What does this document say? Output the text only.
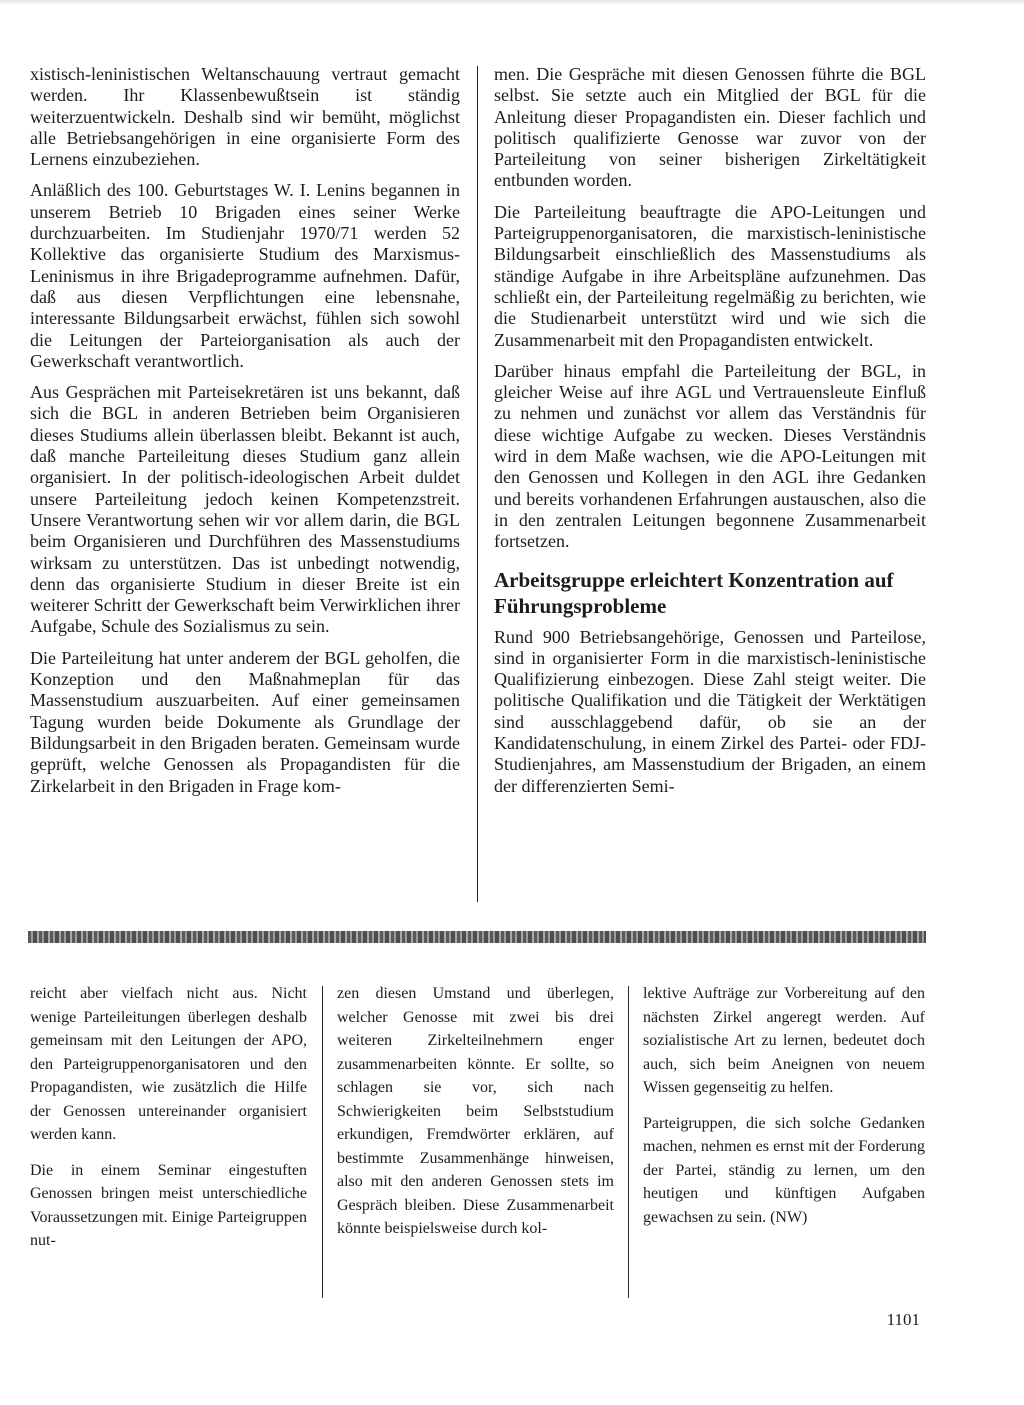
xistisch-leninistischen Weltanschauung vertraut gemacht werden. Ihr Klassenbewußtsein ist ständig weiterzuentwickeln. Deshalb sind wir bemüht, möglichst alle Betriebsangehörigen in eine organisierte Form des Lernens einzubeziehen.

Anläßlich des 100. Geburtstages W. I. Lenins begannen in unserem Betrieb 10 Brigaden eines seiner Werke durchzuarbeiten. Im Studienjahr 1970/71 werden 52 Kollektive das organisierte Studium des Marxismus-Leninismus in ihre Brigadeprogramme aufnehmen. Dafür, daß aus diesen Verpflichtungen eine lebensnahe, interessante Bildungsarbeit erwächst, fühlen sich sowohl die Leitungen der Parteiorganisation als auch der Gewerkschaft verantwortlich.

Aus Gesprächen mit Parteisekretären ist uns bekannt, daß sich die BGL in anderen Betrieben beim Organisieren dieses Studiums allein überlassen bleibt. Bekannt ist auch, daß manche Parteileitung dieses Studium ganz allein organisiert. In der politisch-ideologischen Arbeit duldet unsere Parteileitung jedoch keinen Kompetenzstreit. Unsere Verantwortung sehen wir vor allem darin, die BGL beim Organisieren und Durchführen des Massenstudiums wirksam zu unterstützen. Das ist unbedingt notwendig, denn das organisierte Studium in dieser Breite ist ein weiterer Schritt der Gewerkschaft beim Verwirklichen ihrer Aufgabe, Schule des Sozialismus zu sein.

Die Parteileitung hat unter anderem der BGL geholfen, die Konzeption und den Maßnahmeplan für das Massenstudium auszuarbeiten. Auf einer gemeinsamen Tagung wurden beide Dokumente als Grundlage der Bildungsarbeit in den Brigaden beraten. Gemeinsam wurde geprüft, welche Genossen als Propagandisten für die Zirkelarbeit in den Brigaden in Frage kom-

men. Die Gespräche mit diesen Genossen führte die BGL selbst. Sie setzte auch ein Mitglied der BGL für die Anleitung dieser Propagandisten ein. Dieser fachlich und politisch qualifizierte Genosse war zuvor von der Parteileitung von seiner bisherigen Zirkeltätigkeit entbunden worden.

Die Parteileitung beauftragte die APO-Leitungen und Parteigruppenorganisatoren, die marxistisch-leninistische Bildungsarbeit einschließlich des Massenstudiums als ständige Aufgabe in ihre Arbeitspläne aufzunehmen. Das schließt ein, der Parteileitung regelmäßig zu berichten, wie die Studienarbeit unterstützt wird und wie sich die Zusammenarbeit mit den Propagandisten entwickelt.

Darüber hinaus empfahl die Parteileitung der BGL, in gleicher Weise auf ihre AGL und Vertrauensleute Einfluß zu nehmen und zunächst vor allem das Verständnis für diese wichtige Aufgabe zu wecken. Dieses Verständnis wird in dem Maße wachsen, wie die APO-Leitungen mit den Genossen und Kollegen in den AGL ihre Gedanken und bereits vorhandenen Erfahrungen austauschen, also die in den zentralen Leitungen begonnene Zusammenarbeit fortsetzen.

Arbeitsgruppe erleichtert Konzentration auf Führungsprobleme

Rund 900 Betriebsangehörige, Genossen und Parteilose, sind in organisierter Form in die marxistisch-leninistische Qualifizierung einbezogen. Diese Zahl steigt weiter. Die politische Qualifikation und die Tätigkeit der Werktätigen sind ausschlaggebend dafür, ob sie an der Kandidatenschulung, in einem Zirkel des Partei- oder FDJ-Studienjahres, am Massenstudium der Brigaden, an einem der differenzierten Semi-

reicht aber vielfach nicht aus. Nicht wenige Parteileitungen überlegen deshalb gemeinsam mit den Leitungen der APO, den Parteigruppenorganisatoren und den Propagandisten, wie zusätzlich die Hilfe der Genossen untereinander organisiert werden kann.

Die in einem Seminar eingestuften Genossen bringen meist unterschiedliche Voraussetzungen mit. Einige Parteigruppen nut-

zen diesen Umstand und überlegen, welcher Genosse mit zwei bis drei weiteren Zirkelteilnehmern enger zusammenarbeiten könnte. Er sollte, so schlagen sie vor, sich nach Schwierigkeiten beim Selbststudium erkundigen, Fremdwörter erklären, auf bestimmte Zusammenhänge hinweisen, also mit den anderen Genossen stets im Gespräch bleiben. Diese Zusammenarbeit könnte beispielsweise durch kol-

lektive Aufträge zur Vorbereitung auf den nächsten Zirkel angeregt werden. Auf sozialistische Art zu lernen, bedeutet doch auch, sich beim Aneignen von neuem Wissen gegenseitig zu helfen.

Parteigruppen, die sich solche Gedanken machen, nehmen es ernst mit der Forderung der Partei, ständig zu lernen, um den heutigen und künftigen Aufgaben gewachsen zu sein. (NW)

1101
